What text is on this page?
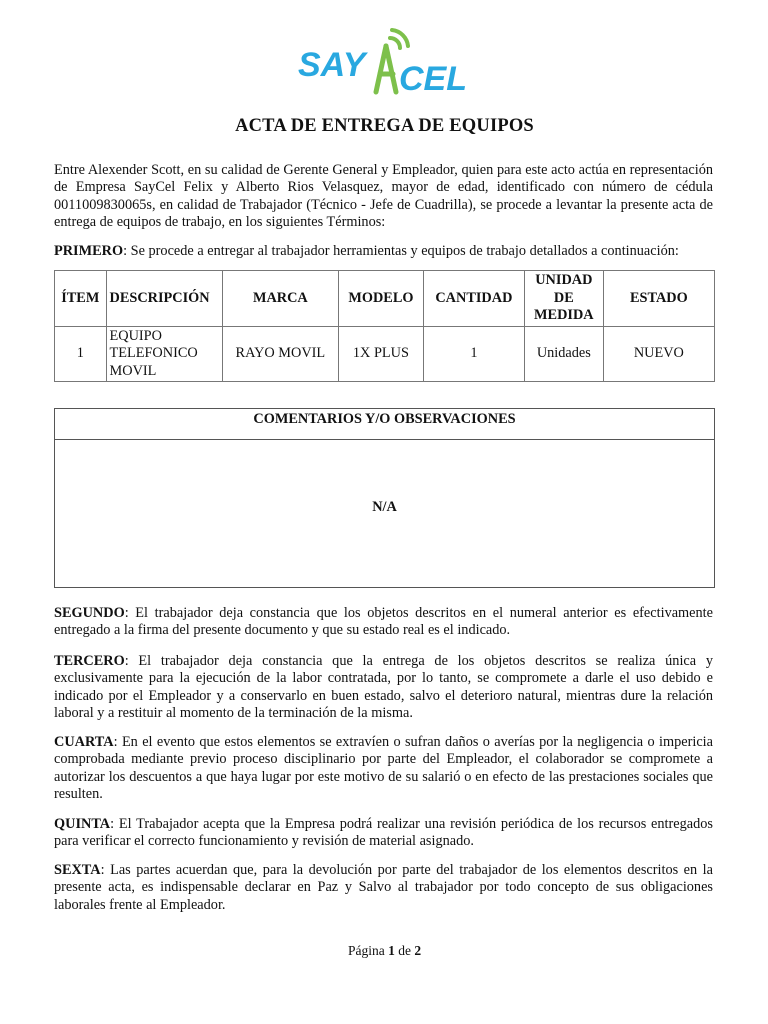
SAY CEL
ACTA DE ENTREGA DE EQUIPOS
Entre Alexender Scott, en su calidad de Gerente General y Empleador, quien para este acto actúa en representación de Empresa SayCel Felix y Alberto Rios Velasquez, mayor de edad, identificado con número de cédula 0011009830065s, en calidad de Trabajador (Técnico - Jefe de Cuadrilla), se procede a levantar la presente acta de entrega de equipos de trabajo, en los siguientes Términos:
PRIMERO: Se procede a entregar al trabajador herramientas y equipos de trabajo detallados a continuación:
ÍTEM	DESCRIPCIÓN	MARCA	MODELO	CANTIDAD	UNIDAD
DE
MEDIDA	ESTADO
1	EQUIPO
TELEFONICO
MOVIL	RAYO MOVIL	1X PLUS	1	Unidades	NUEVO
COMENTARIOS Y/O OBSERVACIONES
N/A
SEGUNDO: El trabajador deja constancia que los objetos descritos en el numeral anterior es efectivamente entregado a la firma del presente documento y que su estado real es el indicado.
TERCERO: El trabajador deja constancia que la entrega de los objetos descritos se realiza única y exclusivamente para la ejecución de la labor contratada, por lo tanto, se compromete a darle el uso debido e indicado por el Empleador y a conservarlo en buen estado, salvo el deterioro natural, mientras dure la relación laboral y a restituir al momento de la terminación de la misma.
CUARTA: En el evento que estos elementos se extravíen o sufran daños o averías por la negligencia o impericia comprobada mediante previo proceso disciplinario por parte del Empleador, el colaborador se compromete a autorizar los descuentos a que haya lugar por este motivo de su salarió o en efecto de las prestaciones sociales que resulten.
QUINTA: El Trabajador acepta que la Empresa podrá realizar una revisión periódica de los recursos entregados para verificar el correcto funcionamiento y revisión de material asignado.
SEXTA: Las partes acuerdan que, para la devolución por parte del trabajador de los elementos descritos en la presente acta, es indispensable declarar en Paz y Salvo al trabajador por todo concepto de sus obligaciones laborales frente al Empleador.
Página 1 de 2
